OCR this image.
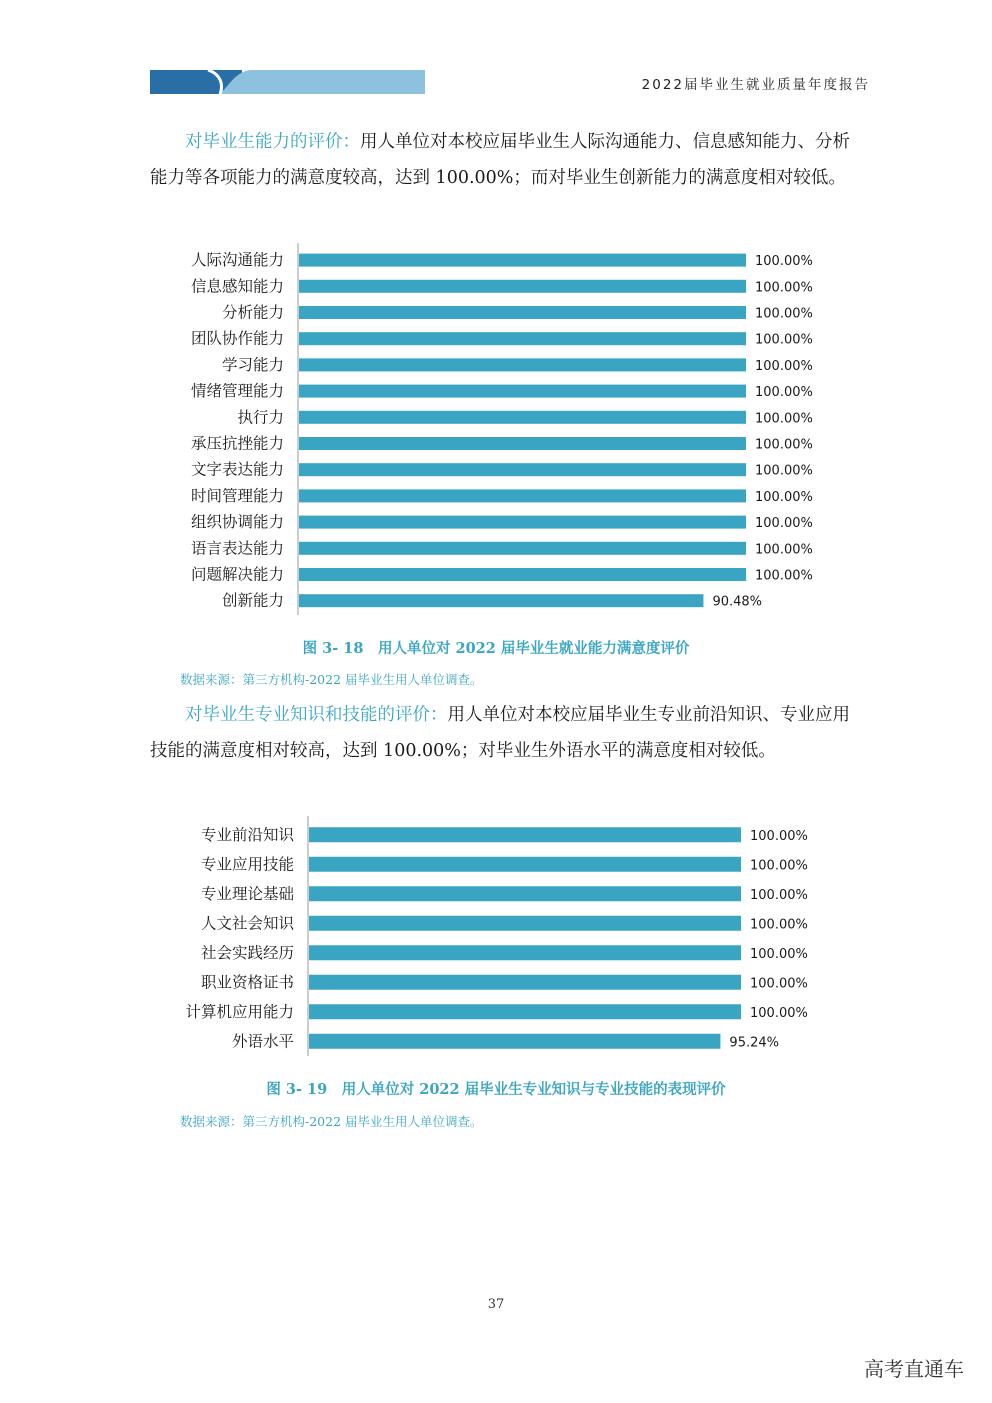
2022届毕业生就业质量年度报告
对毕业生能力的评价：用人单位对本校应届毕业生人际沟通能力、信息感知能力、分析能力等各项能力的满意度较高，达到 100.00%；而对毕业生创新能力的满意度相对较低。
人际沟通能力	100.00%
信息感知能力	100.00%
分析能力	100.00%
团队协作能力	100.00%
学习能力	100.00%
情绪管理能力	100.00%
执行力	100.00%
承压抗挫能力	100.00%
文字表达能力	100.00%
时间管理能力	100.00%
组织协调能力	100.00%
语言表达能力	100.00%
问题解决能力	100.00%
创新能力	90.48%
图 3- 18　用人单位对 2022 届毕业生就业能力满意度评价
数据来源：第三方机构-2022 届毕业生用人单位调查。
对毕业生专业知识和技能的评价：用人单位对本校应届毕业生专业前沿知识、专业应用技能的满意度相对较高，达到 100.00%；对毕业生外语水平的满意度相对较低。
专业前沿知识	100.00%
专业应用技能	100.00%
专业理论基础	100.00%
人文社会知识	100.00%
社会实践经历	100.00%
职业资格证书	100.00%
计算机应用能力	100.00%
外语水平	95.24%
图 3- 19　用人单位对 2022 届毕业生专业知识与专业技能的表现评价
数据来源：第三方机构-2022 届毕业生用人单位调查。
37
高考直通车
